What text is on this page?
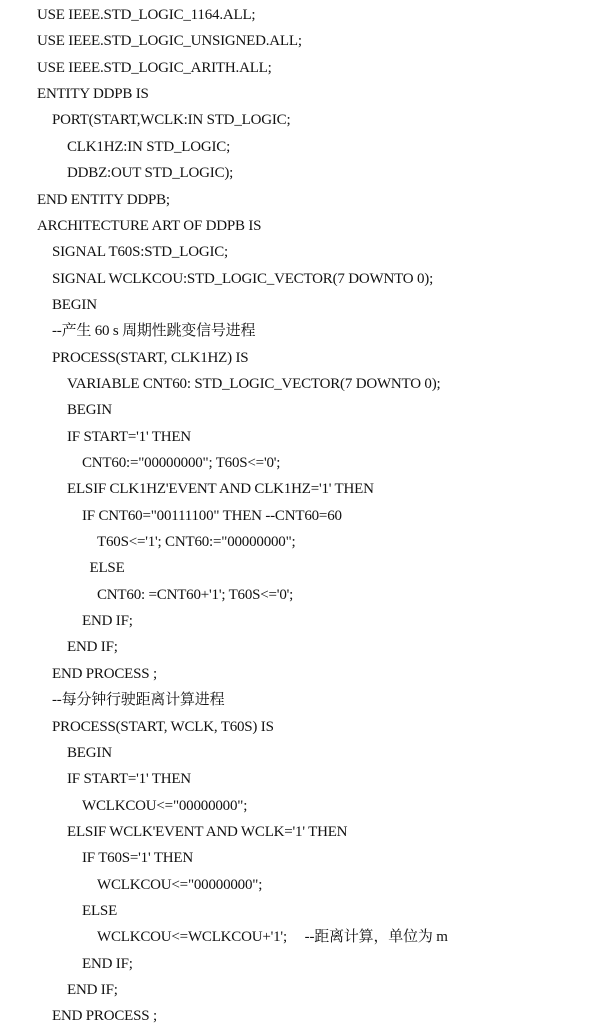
USE IEEE.STD_LOGIC_1164.ALL;
USE IEEE.STD_LOGIC_UNSIGNED.ALL;
USE IEEE.STD_LOGIC_ARITH.ALL;
ENTITY DDPB IS
PORT(START,WCLK:IN STD_LOGIC;
CLK1HZ:IN STD_LOGIC;
DDBZ:OUT STD_LOGIC);
END ENTITY DDPB;
ARCHITECTURE ART OF DDPB IS
SIGNAL T60S:STD_LOGIC;
SIGNAL WCLKCOU:STD_LOGIC_VECTOR(7 DOWNTO 0);
BEGIN
--产生 60 s 周期性跳变信号进程
PROCESS(START, CLK1HZ) IS
VARIABLE CNT60: STD_LOGIC_VECTOR(7 DOWNTO 0);
BEGIN
IF START='1' THEN
CNT60:="00000000"; T60S<='0';
ELSIF CLK1HZ'EVENT AND CLK1HZ='1' THEN
IF CNT60="00111100" THEN --CNT60=60
T60S<='1'; CNT60:="00000000";
ELSE
CNT60: =CNT60+'1'; T60S<='0';
END IF;
END IF;
END PROCESS ;
--每分钟行驶距离计算进程
PROCESS(START, WCLK, T60S) IS
BEGIN
IF START='1' THEN
WCLKCOU<="00000000";
ELSIF WCLK'EVENT AND WCLK='1' THEN
IF T60S='1' THEN
WCLKCOU<="00000000";
ELSE
WCLKCOU<=WCLKCOU+'1';     --距离计算，单位为 m
END IF;
END IF;
END PROCESS ;
